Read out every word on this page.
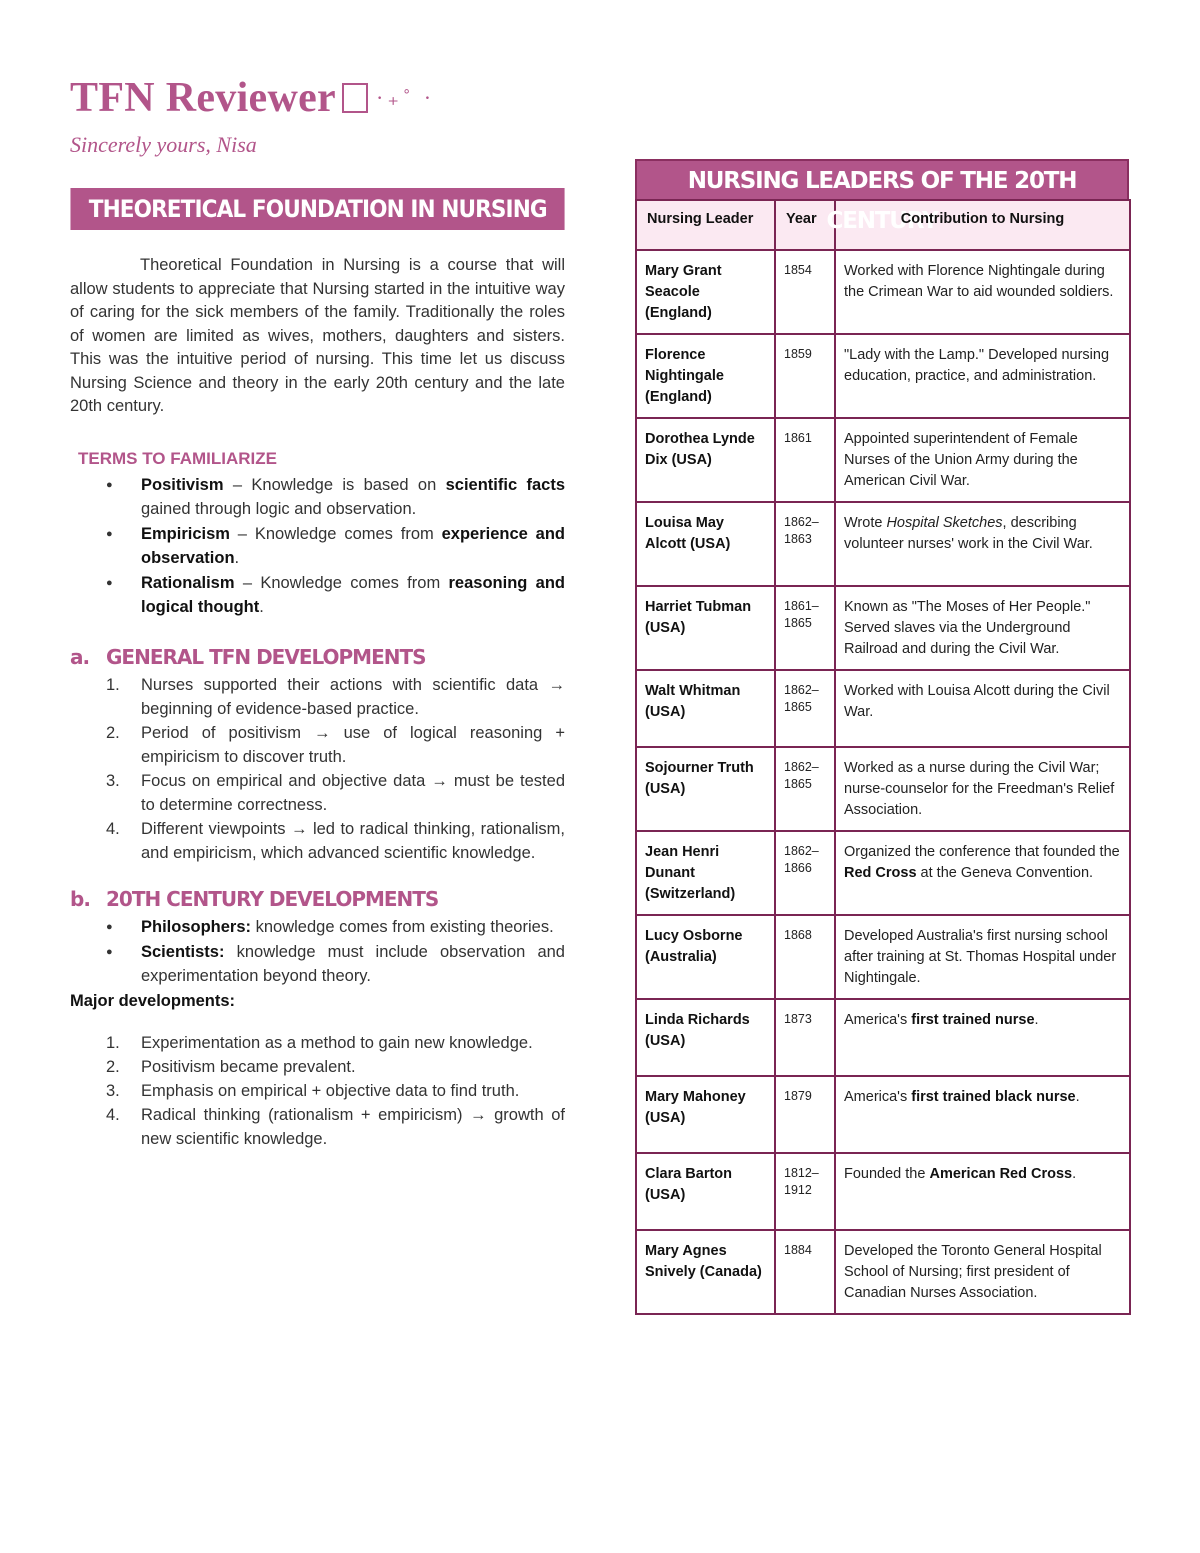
TFN Reviewer ·₊˚ ·
Sincerely yours, Nisa
THEORETICAL FOUNDATION IN NURSING

Theoretical Foundation in Nursing is a course that will allow students to appreciate that Nursing started in the intuitive way of caring for the sick members of the family. Traditionally the roles of women are limited as wives, mothers, daughters and sisters. This was the intuitive period of nursing. This time let us discuss Nursing Science and theory in the early 20th century and the late 20th century.

TERMS TO FAMILIARIZE
● Positivism – Knowledge is based on scientific facts gained through logic and observation.
● Empiricism – Knowledge comes from experience and observation.
● Rationalism – Knowledge comes from reasoning and logical thought.
a. GENERAL TFN DEVELOPMENTS
1. Nurses supported their actions with scientific data → beginning of evidence-based practice.
2. Period of positivism → use of logical reasoning + empiricism to discover truth.
3. Focus on empirical and objective data → must be tested to determine correctness.
4. Different viewpoints → led to radical thinking, rationalism, and empiricism, which advanced scientific knowledge.
b. 20TH CENTURY DEVELOPMENTS
● Philosophers: knowledge comes from existing theories.
● Scientists: knowledge must include observation and experimentation beyond theory.
Major developments:
1. Experimentation as a method to gain new knowledge.
2. Positivism became prevalent.
3. Emphasis on empirical + objective data to find truth.
4. Radical thinking (rationalism + empiricism) → growth of new scientific knowledge.
NURSING LEADERS OF THE 20TH CENTURY
Nursing Leader	Year	Contribution to Nursing
Mary Grant Seacole (England)	1854	Worked with Florence Nightingale during the Crimean War to aid wounded soldiers.
Florence Nightingale (England)	1859	"Lady with the Lamp." Developed nursing education, practice, and administration.
Dorothea Lynde Dix (USA)	1861	Appointed superintendent of Female Nurses of the Union Army during the American Civil War.
Louisa May Alcott (USA)	1862–1863	Wrote Hospital Sketches, describing volunteer nurses' work in the Civil War.
Harriet Tubman (USA)	1861–1865	Known as "The Moses of Her People." Served slaves via the Underground Railroad and during the Civil War.
Walt Whitman (USA)	1862–1865	Worked with Louisa Alcott during the Civil War.
Sojourner Truth (USA)	1862–1865	Worked as a nurse during the Civil War; nurse-counselor for the Freedman's Relief Association.
Jean Henri Dunant (Switzerland)	1862–1866	Organized the conference that founded the Red Cross at the Geneva Convention.
Lucy Osborne (Australia)	1868	Developed Australia's first nursing school after training at St. Thomas Hospital under Nightingale.
Linda Richards (USA)	1873	America's first trained nurse.
Mary Mahoney (USA)	1879	America's first trained black nurse.
Clara Barton (USA)	1812–1912	Founded the American Red Cross.
Mary Agnes Snively (Canada)	1884	Developed the Toronto General Hospital School of Nursing; first president of Canadian Nurses Association.
